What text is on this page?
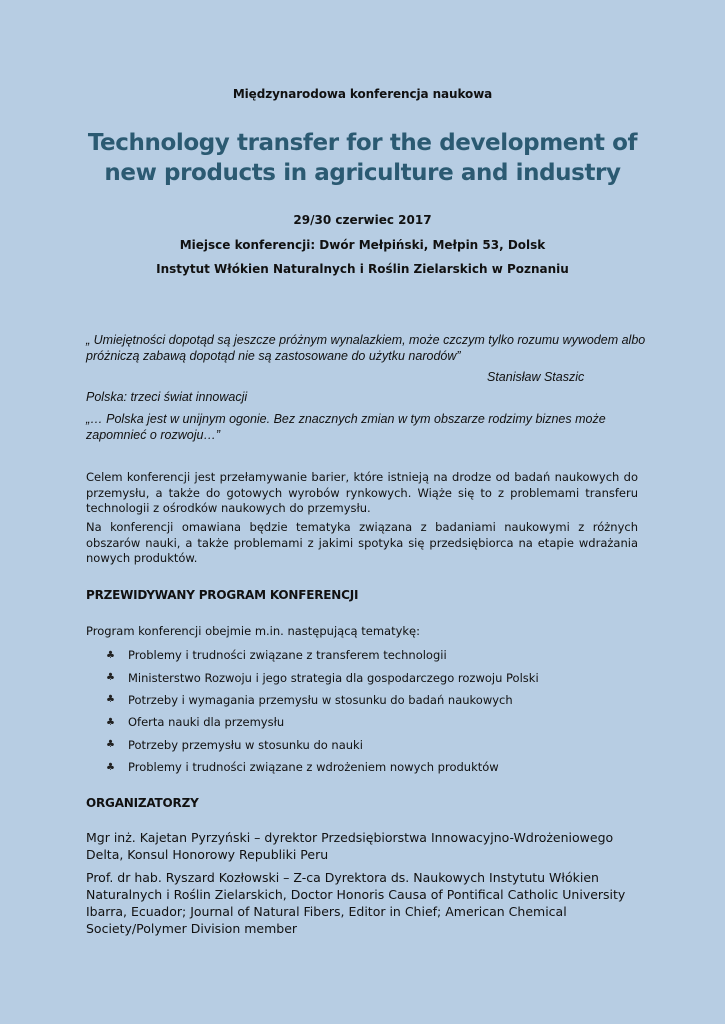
Międzynarodowa konferencja naukowa
Technology transfer for the development of new products in agriculture and industry
29/30 czerwiec 2017
Miejsce konferencji: Dwór Mełpiński, Mełpin 53, Dolsk
Instytut Włókien Naturalnych i Roślin Zielarskich w Poznaniu
„ Umiejętności dopotąd są jeszcze próżnym wynalazkiem, może czczym tylko rozumu wywodem albo próżniczą zabawą dopotąd nie są zastosowane do użytku narodów”
Stanisław Staszic
Polska: trzeci świat innowacji
„… Polska jest w unijnym ogonie. Bez znacznych zmian w tym obszarze rodzimy biznes może zapomnieć o rozwoju…”
Celem konferencji jest przełamywanie barier, które istnieją na drodze od badań naukowych do przemysłu, a także do gotowych wyrobów rynkowych. Wiąże się to z problemami transferu technologii z ośrodków naukowych do przemysłu.
Na konferencji omawiana będzie tematyka związana z badaniami naukowymi z różnych obszarów nauki, a także problemami z jakimi spotyka się przedsiębiorca na etapie wdrażania nowych produktów.
PRZEWIDYWANY PROGRAM KONFERENCJI
Program konferencji obejmie m.in. następującą tematykę:
♣	Problemy i trudności związane z transferem technologii
♣	Ministerstwo Rozwoju i jego strategia dla gospodarczego rozwoju Polski
♣	Potrzeby i wymagania przemysłu w stosunku do badań naukowych
♣	Oferta nauki dla przemysłu
♣	Potrzeby przemysłu w stosunku do nauki
♣	Problemy i trudności związane z wdrożeniem nowych produktów
ORGANIZATORZY
Mgr inż. Kajetan Pyrzyński – dyrektor Przedsiębiorstwa Innowacyjno-Wdrożeniowego Delta, Konsul Honorowy Republiki Peru
Prof. dr hab. Ryszard Kozłowski – Z-ca Dyrektora ds. Naukowych Instytutu Włókien Naturalnych i Roślin Zielarskich, Doctor Honoris Causa of Pontifical Catholic University Ibarra, Ecuador; Journal of Natural Fibers, Editor in Chief; American Chemical Society/Polymer Division member
